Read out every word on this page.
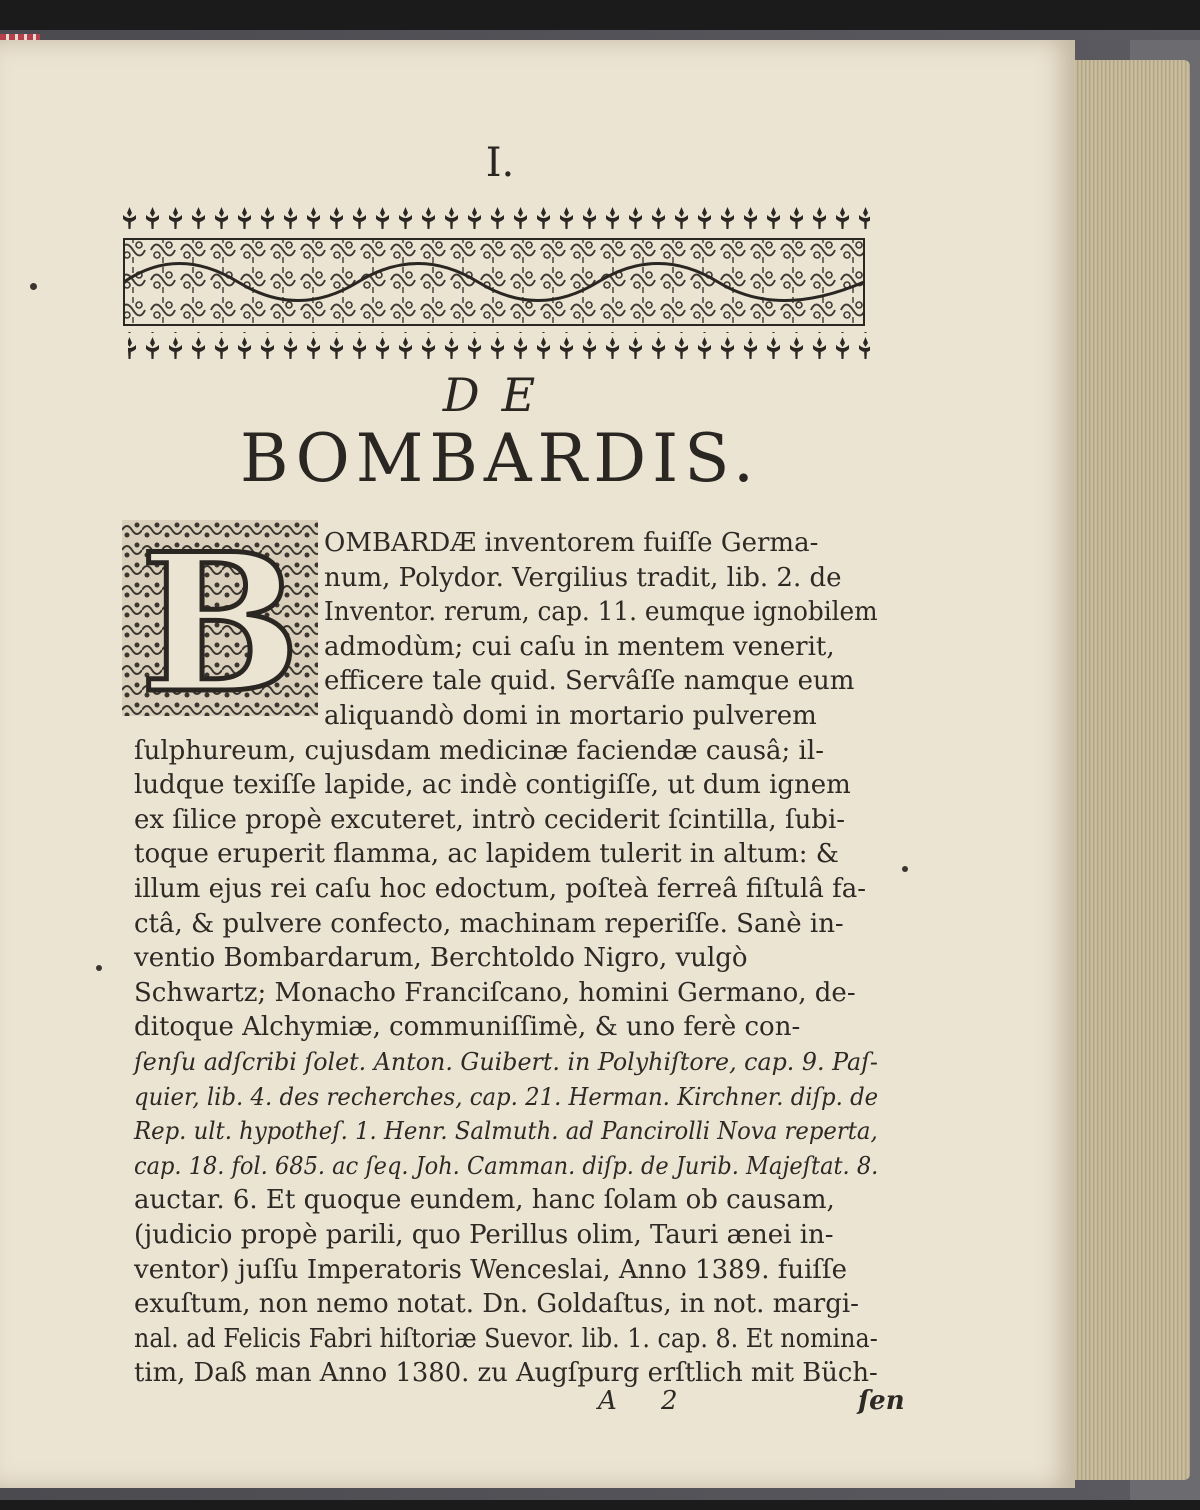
I.
DE
BOMBARDIS.
B OMBARDÆ inventorem fuiſſe Germa-
num, Polydor. Vergilius tradit, lib. 2. de
Inventor. rerum, cap. 11. eumque ignobilem
admodùm; cui caſu in mentem venerit,
efficere tale quid. Servâſſe namque eum
aliquandò domi in mortario pulverem
ſulphureum, cujusdam medicinæ faciendæ causâ; il-
ludque texiſſe lapide, ac indè contigiſſe, ut dum ignem
ex ſilice propè excuteret, intrò ceciderit ſcintilla, ſubi-
toque eruperit flamma, ac lapidem tulerit in altum: &
illum ejus rei caſu hoc edoctum, poſteà ferreâ fiſtulâ fa-
ctâ, & pulvere confecto, machinam reperiſſe. Sanè in-
ventio Bombardarum, Berchtoldo Nigro, vulgò
Schwartz; Monacho Franciſcano, homini Germano, de-
ditoque Alchymiæ, communiſſimè, & uno ferè con-
ſenſu adſcribi ſolet. Anton. Guibert. in Polyhiſtore, cap. 9. Paſ-
quier, lib. 4. des recherches, cap. 21. Herman. Kirchner. diſp. de
Rep. ult. hypotheſ. 1. Henr. Salmuth. ad Pancirolli Nova reperta,
cap. 18. fol. 685. ac ſeq. Joh. Camman. diſp. de Jurib. Majeſtat. 8.
auctar. 6. Et quoque eundem, hanc ſolam ob causam,
(judicio propè parili, quo Perillus olim, Tauri ænei in-
ventor) juſſu Imperatoris Wenceslai, Anno 1389. fuiſſe
exuſtum, non nemo notat. Dn. Goldaſtus, in not. margi-
nal. ad Felicis Fabri hiſtoriæ Suevor. lib. 1. cap. 8. Et nomina-
tim, Daß man Anno 1380. zu Augſpurg erſtlich mit Büch-
A 2	ſen
